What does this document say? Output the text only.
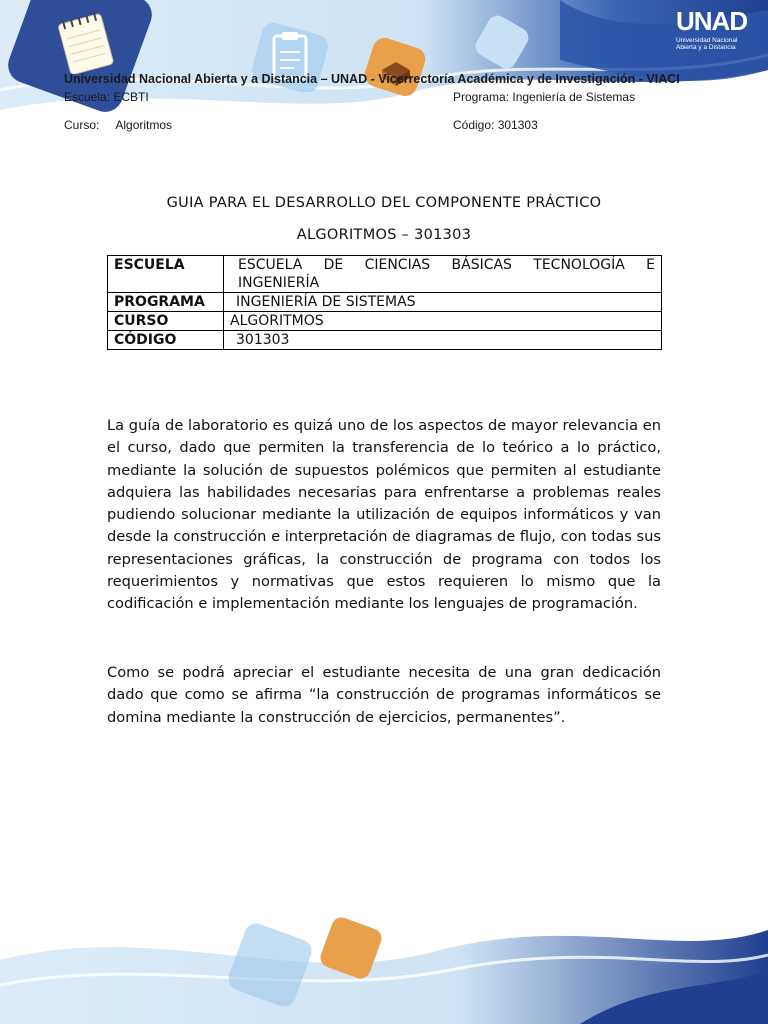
UNAD
Universidad Nacional
Abierta y a Distancia
Universidad Nacional Abierta y a Distancia – UNAD - Vicerrectoría Académica y de Investigación - VIACI
Escuela: ECBTI	Programa: Ingeniería de Sistemas
Curso:     Algoritmos	Código: 301303
GUIA PARA EL DESARROLLO DEL COMPONENTE PRÁCTICO
ALGORITMOS – 301303
ESCUELA	ESCUELA DE CIENCIAS BÁSICAS TECNOLOGÍA E INGENIERÍA
PROGRAMA	INGENIERÍA DE SISTEMAS
CURSO	ALGORITMOS
CÓDIGO	301303
La guía de laboratorio es quizá uno de los aspectos de mayor relevancia en el curso, dado que permiten la transferencia de lo teórico a lo práctico, mediante la solución de supuestos polémicos que permiten al estudiante adquiera las habilidades necesarias para enfrentarse a problemas reales pudiendo solucionar mediante la utilización de equipos informáticos y van desde la construcción e interpretación de diagramas de flujo, con todas sus representaciones gráficas, la construcción de programa con todos los requerimientos y normativas que estos requieren lo mismo que la codificación e implementación mediante los lenguajes de programación.
Como se podrá apreciar el estudiante necesita de una gran dedicación dado que como se afirma “la construcción de programas informáticos se domina mediante la construcción de ejercicios, permanentes”.
